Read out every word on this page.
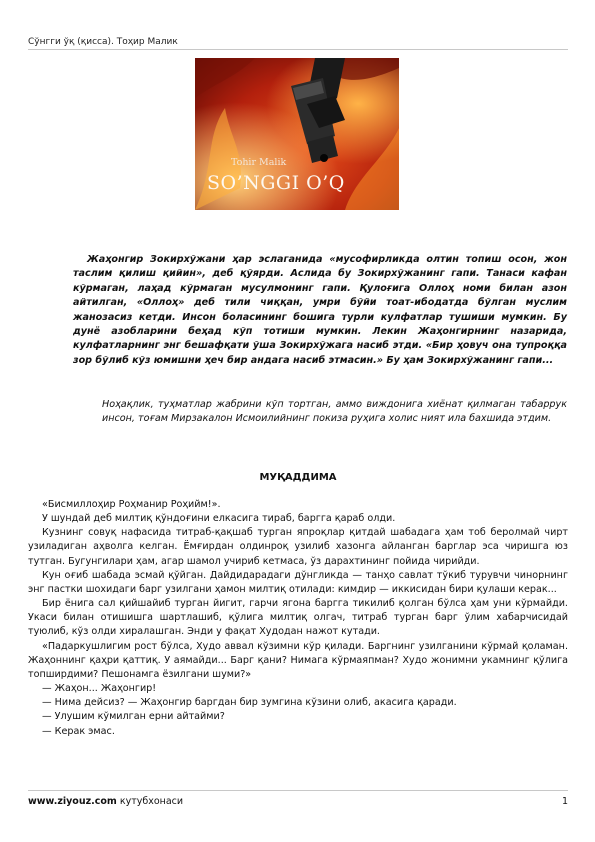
Сўнгги ўқ (қисса). Тоҳир Малик
Tohir Malik
SO’NGGI O’Q

Жаҳонгир Зокирхўжани ҳар эслаганида «мусофирликда олтин топиш осон, жон таслим қилиш қийин», деб қўярди. Аслида бу Зокирхўжанинг гапи. Танаси кафан кўрмаган, лаҳад кўрмаган мусулмонинг гапи. Қулоғига Оллоҳ номи билан азон айтилган, «Оллоҳ» деб тили чиққан, умри бўйи тоат-ибодатда бўлган муслим жанозасиз кетди. Инсон боласининг бошига турли кулфатлар тушиши мумкин. Бу дунё азобларини беҳад кўп тотиши мумкин. Лекин Жаҳонгирнинг назарида, кулфатларнинг энг бешафқати ўша Зокирхўжага насиб этди. «Бир ҳовуч она тупроққа зор бўлиб кўз юмишни ҳеч бир андага насиб этмасин.» Бу ҳам Зокирхўжанинг гапи...

Ноҳақлик, туҳматлар жабрини кўп тортган, аммо виждонига хиёнат қилмаган табаррук инсон, тоғам Мирзакалон Исмоилийнинг покиза руҳига холис ният ила бахшида этдим.

МУҚАДДИМА

«Бисмиллоҳир Роҳманир Роҳийм!».

У шундай деб милтиқ қўндоғини елкасига тираб, баргга қараб олди.

Кузнинг совуқ нафасида титраб-қақшаб турган япроқлар қитдай шабадага ҳам тоб беролмай чирт узиладиган аҳволга келган. Ёмғирдан олдинроқ узилиб хазонга айланган барглар эса чиришга юз тутган. Бугунгилари ҳам, агар шамол учириб кетмаса, ўз дарахтининг пойида чирийди.

Кун оғиб шабада эсмай қўйган. Дайдидарадаги дўнгликда — танҳо савлат тўкиб турувчи чинорнинг энг пастки шохидаги барг узилгани ҳамон милтиқ отилади: кимдир — иккисидан бири қулаши керак...

Бир ёнига сал қийшайиб турган йигит, гарчи ягона баргга тикилиб қолган бўлса ҳам уни кўрмайди. Укаси билан отишишга шартлашиб, қўлига милтиқ олгач, титраб турган барг ўлим хабарчисидай туюлиб, кўз олди хиралашган. Энди у фақат Худодан нажот кутади.

«Падаркушлигим рост бўлса, Худо аввал кўзимни кўр қилади. Баргнинг узилганини кўрмай қоламан. Жаҳоннинг қаҳри қаттиқ. У аямайди... Барг қани? Нимага кўрмаяпман? Худо жонимни укамнинг қўлига топширдими? Пешонамга ёзилгани шуми?»

— Жаҳон... Жаҳонгир!

— Нима дейсиз? — Жаҳонгир баргдан бир зумгина кўзини олиб, акасига қаради.

— Улушим кўмилган ерни айтайми?

— Керак эмас.

www.ziyouz.com кутубхонаси	1
